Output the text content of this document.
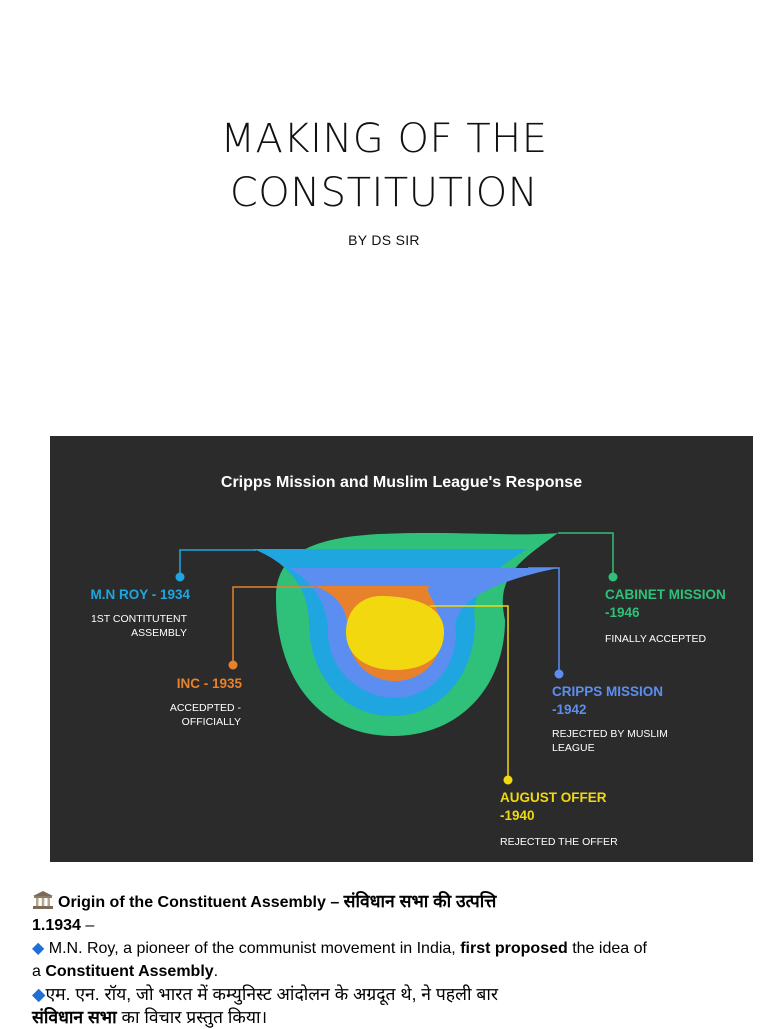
MAKING OF THE
CONSTITUTION
BY DS SIR
Cripps Mission and Muslim League's Response
M.N ROY - 1934
1ST CONTITUTENT
ASSEMBLY
INC - 1935
ACCEDPTED -
OFFICIALLY
CABINET MISSION
-1946
FINALLY ACCEPTED
CRIPPS MISSION
-1942
REJECTED BY MUSLIM
LEAGUE
AUGUST OFFER
-1940
REJECTED THE OFFER
Origin of the Constituent Assembly – संविधान सभा की उत्पत्ति
1.1934 –
◆ M.N. Roy, a pioneer of the communist movement in India, first proposed the idea of
a Constituent Assembly.
◆एम. एन. रॉय, जो भारत में कम्युनिस्ट आंदोलन के अग्रदूत थे, ने पहली बार
संविधान सभा का विचार प्रस्तुत किया।
